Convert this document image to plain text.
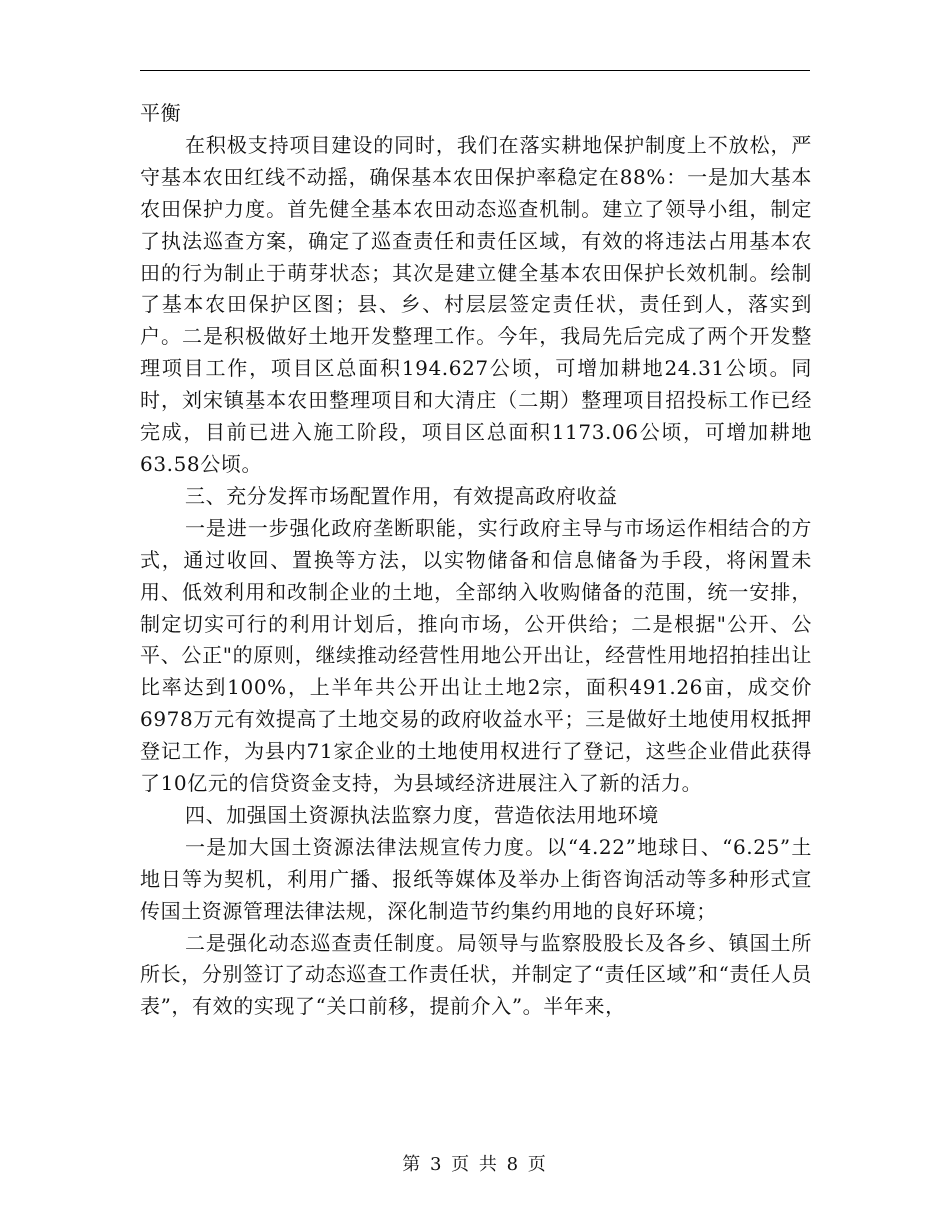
平衡

在积极支持项目建设的同时，我们在落实耕地保护制度上不放松，严守基本农田红线不动摇，确保基本农田保护率稳定在88%：一是加大基本农田保护力度。首先健全基本农田动态巡查机制。建立了领导小组，制定了执法巡查方案，确定了巡查责任和责任区域，有效的将违法占用基本农田的行为制止于萌芽状态；其次是建立健全基本农田保护长效机制。绘制了基本农田保护区图；县、乡、村层层签定责任状，责任到人，落实到户。二是积极做好土地开发整理工作。今年，我局先后完成了两个开发整理项目工作，项目区总面积194.627公顷，可增加耕地24.31公顷。同时，刘宋镇基本农田整理项目和大清庄（二期）整理项目招投标工作已经完成，目前已进入施工阶段，项目区总面积1173.06公顷，可增加耕地63.58公顷。

三、充分发挥市场配置作用，有效提高政府收益

一是进一步强化政府垄断职能，实行政府主导与市场运作相结合的方式，通过收回、置换等方法，以实物储备和信息储备为手段，将闲置未用、低效利用和改制企业的土地，全部纳入收购储备的范围，统一安排，制定切实可行的利用计划后，推向市场，公开供给；二是根据"公开、公平、公正"的原则，继续推动经营性用地公开出让，经营性用地招拍挂出让比率达到100%，上半年共公开出让土地2宗，面积491.26亩，成交价6978万元有效提高了土地交易的政府收益水平；三是做好土地使用权抵押登记工作，为县内71家企业的土地使用权进行了登记，这些企业借此获得了10亿元的信贷资金支持，为县域经济进展注入了新的活力。

四、加强国土资源执法监察力度，营造依法用地环境

一是加大国土资源法律法规宣传力度。以“4.22”地球日、“6.25”土地日等为契机，利用广播、报纸等媒体及举办上街咨询活动等多种形式宣传国土资源管理法律法规，深化制造节约集约用地的良好环境；

二是强化动态巡查责任制度。局领导与监察股股长及各乡、镇国土所所长，分别签订了动态巡查工作责任状，并制定了“责任区域”和“责任人员表”，有效的实现了“关口前移，提前介入”。半年来，

第 3 页 共 8 页
